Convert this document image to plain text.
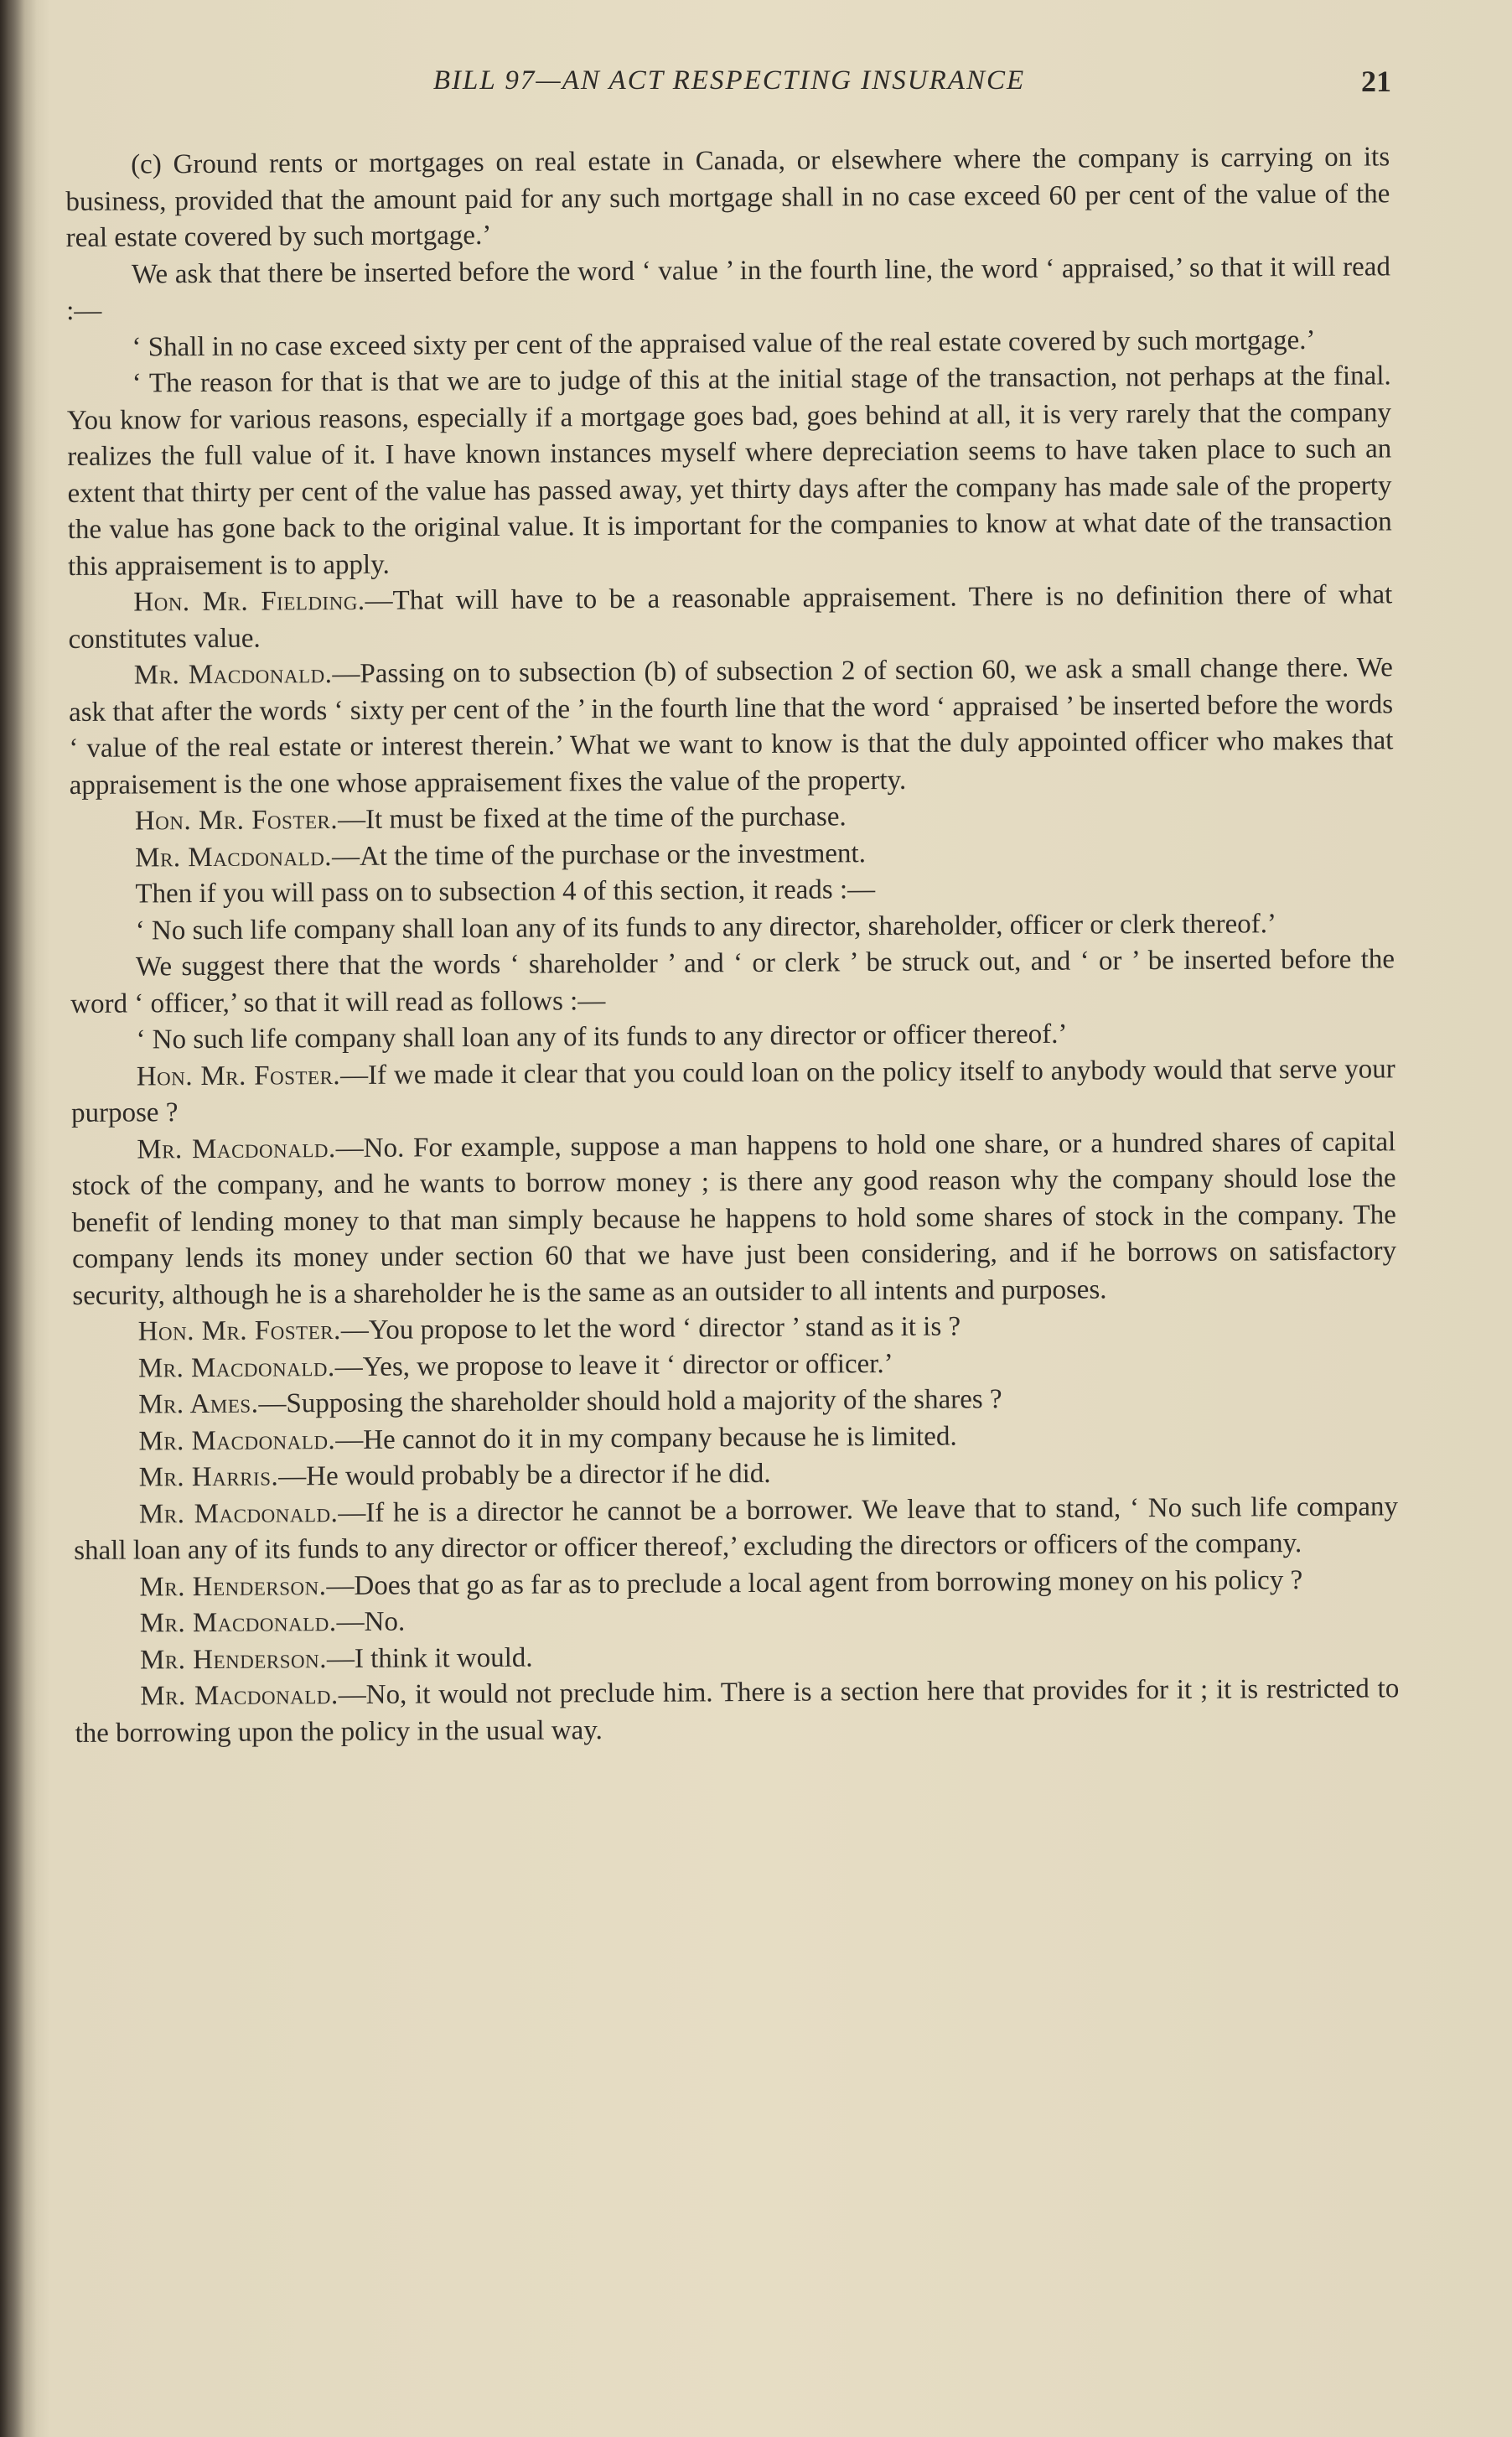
BILL 97—AN ACT RESPECTING INSURANCE	21

(c) Ground rents or mortgages on real estate in Canada, or elsewhere where the company is carrying on its business, provided that the amount paid for any such mortgage shall in no case exceed 60 per cent of the value of the real estate covered by such mortgage.’

We ask that there be inserted before the word ‘ value ’ in the fourth line, the word ‘ appraised,’ so that it will read :—

‘ Shall in no case exceed sixty per cent of the appraised value of the real estate covered by such mortgage.’

‘ The reason for that is that we are to judge of this at the initial stage of the transaction, not perhaps at the final. You know for various reasons, especially if a mortgage goes bad, goes behind at all, it is very rarely that the company realizes the full value of it. I have known instances myself where depreciation seems to have taken place to such an extent that thirty per cent of the value has passed away, yet thirty days after the company has made sale of the property the value has gone back to the original value. It is important for the companies to know at what date of the transaction this appraisement is to apply.

Hon. Mr. Fielding.—That will have to be a reasonable appraisement. There is no definition there of what constitutes value.

Mr. Macdonald.—Passing on to subsection (b) of subsection 2 of section 60, we ask a small change there. We ask that after the words ‘ sixty per cent of the ’ in the fourth line that the word ‘ appraised ’ be inserted before the words ‘ value of the real estate or interest therein.’ What we want to know is that the duly appointed officer who makes that appraisement is the one whose appraisement fixes the value of the property.

Hon. Mr. Foster.—It must be fixed at the time of the purchase.

Mr. Macdonald.—At the time of the purchase or the investment.

Then if you will pass on to subsection 4 of this section, it reads :—

‘ No such life company shall loan any of its funds to any director, shareholder, officer or clerk thereof.’

We suggest there that the words ‘ shareholder ’ and ‘ or clerk ’ be struck out, and ‘ or ’ be inserted before the word ‘ officer,’ so that it will read as follows :—

‘ No such life company shall loan any of its funds to any director or officer thereof.’

Hon. Mr. Foster.—If we made it clear that you could loan on the policy itself to anybody would that serve your purpose ?

Mr. Macdonald.—No. For example, suppose a man happens to hold one share, or a hundred shares of capital stock of the company, and he wants to borrow money ; is there any good reason why the company should lose the benefit of lending money to that man simply because he happens to hold some shares of stock in the company. The company lends its money under section 60 that we have just been considering, and if he borrows on satisfactory security, although he is a shareholder he is the same as an outsider to all intents and purposes.

Hon. Mr. Foster.—You propose to let the word ‘ director ’ stand as it is ?

Mr. Macdonald.—Yes, we propose to leave it ‘ director or officer.’

Mr. Ames.—Supposing the shareholder should hold a majority of the shares ?

Mr. Macdonald.—He cannot do it in my company because he is limited.

Mr. Harris.—He would probably be a director if he did.

Mr. Macdonald.—If he is a director he cannot be a borrower. We leave that to stand, ‘ No such life company shall loan any of its funds to any director or officer thereof,’ excluding the directors or officers of the company.

Mr. Henderson.—Does that go as far as to preclude a local agent from borrowing money on his policy ?

Mr. Macdonald.—No.

Mr. Henderson.—I think it would.

Mr. Macdonald.—No, it would not preclude him. There is a section here that provides for it ; it is restricted to the borrowing upon the policy in the usual way.
